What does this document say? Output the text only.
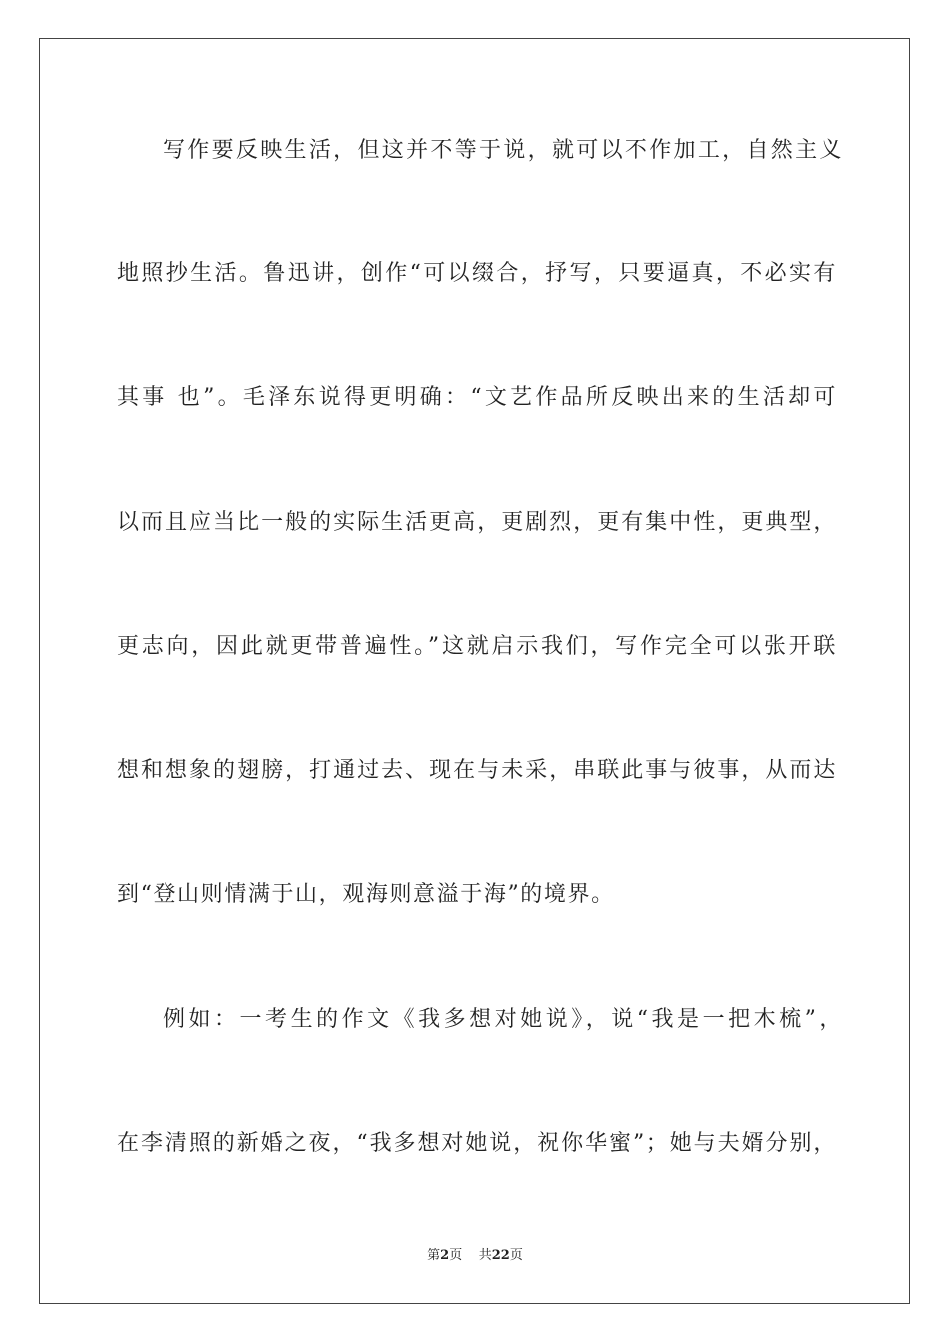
写作要反映生活，但这并不等于说，就可以不作加工，自然主义
地照抄生活。鲁迅讲，创作“可以缀合，抒写，只要逼真，不必实有
其事 也”。毛泽东说得更明确：“文艺作品所反映出来的生活却可
以而且应当比一般的实际生活更高，更剧烈，更有集中性，更典型，
更志向，因此就更带普遍性。”这就启示我们，写作完全可以张开联
想和想象的翅膀，打通过去、现在与未采，串联此事与彼事，从而达
到“登山则情满于山，观海则意溢于海”的境界。
例如：一考生的作文《我多想对她说》，说“我是一把木梳”，
在李清照的新婚之夜，“我多想对她说，祝你华蜜”；她与夫婿分别，
第2页 共22页
